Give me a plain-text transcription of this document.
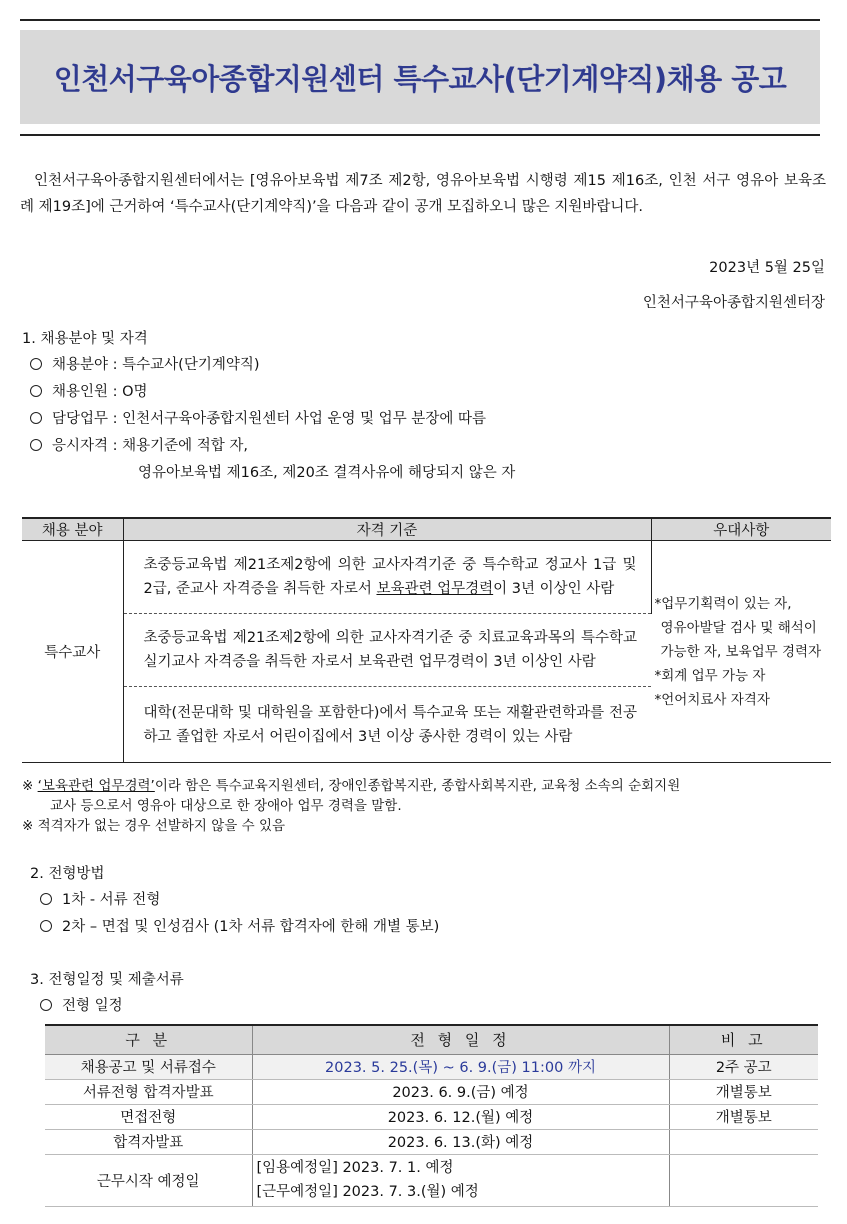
인천서구육아종합지원센터 특수교사(단기계약직)채용 공고

인천서구육아종합지원센터에서는 [영유아보육법 제7조 제2항, 영유아보육법 시행령 제15 제16조, 인천 서구 영유아 보육조례 제19조]에 근거하여 ‘특수교사(단기계약직)’을 다음과 같이 공개 모집하오니 많은 지원바랍니다.

2023년 5월 25일
인천서구육아종합지원센터장
1. 채용분야 및 자격
채용분야 : 특수교사(단기계약직)
채용인원 : O명
담당업무 : 인천서구육아종합지원센터 사업 운영 및 업무 분장에 따름
응시자격 : 채용기준에 적합 자,
영유아보육법 제16조, 제20조 결격사유에 해당되지 않은 자
채용 분야	자격 기준	우대사항
특수교사	초중등교육법 제21조제2항에 의한 교사자격기준 중 특수학교 정교사 1급 및 2급, 준교사 자격증을 취득한 자로서 보육관련 업무경력이 3년 이상인 사람	*업무기획력이 있는 자,
영유아발달 검사 및 해석이
가능한 자, 보육업무 경력자
*회계 업무 가능 자
*언어치료사 자격자

	초중등교육법 제21조제2항에 의한 교사자격기준 중 치료교육과목의 특수학교 실기교사 자격증을 취득한 자로서 보육관련 업무경력이 3년 이상인 사람	
	대학(전문대학 및 대학원을 포함한다)에서 특수교육 또는 재활관련학과를 전공하고 졸업한 자로서 어린이집에서 3년 이상 종사한 경력이 있는 사람	
※ ‘보육관련 업무경력’이라 함은 특수교육지원센터, 장애인종합복지관, 종합사회복지관, 교육청 소속의 순회지원
교사 등으로서 영유아 대상으로 한 장애아 업무 경력을 말함.
※ 적격자가 없는 경우 선발하지 않을 수 있음
2. 전형방법
1차 - 서류 전형
2차 – 면접 및 인성검사 (1차 서류 합격자에 한해 개별 통보)
3. 전형일정 및 제출서류
전형 일정
구 분	전 형 일 정	비 고
채용공고 및 서류접수	2023. 5. 25.(목) ~ 6. 9.(금) 11:00 까지	2주 공고
서류전형 합격자발표	2023. 6. 9.(금) 예정	개별통보
면접전형	2023. 6. 12.(월) 예정	개별통보
합격자발표	2023. 6. 13.(화) 예정	
근무시작 예정일	[임용예정일] 2023. 7. 1. 예정
[근무예정일] 2023. 7. 3.(월) 예정	
